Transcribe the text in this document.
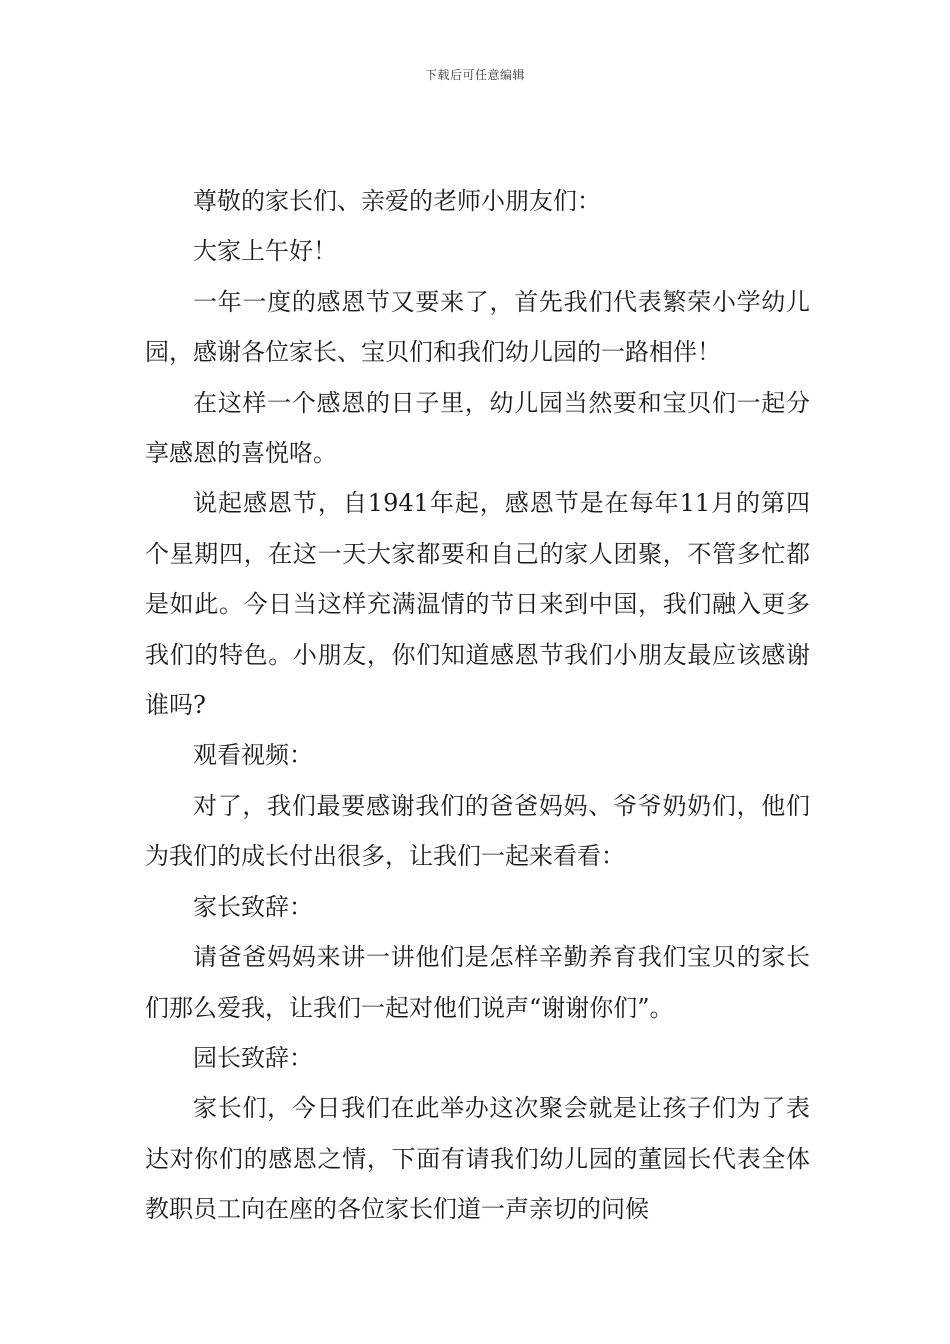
下载后可任意编辑

尊敬的家长们、亲爱的老师小朋友们：

大家上午好！

一年一度的感恩节又要来了，首先我们代表繁荣小学幼儿园，感谢各位家长、宝贝们和我们幼儿园的一路相伴！

在这样一个感恩的日子里，幼儿园当然要和宝贝们一起分享感恩的喜悦咯。

说起感恩节，自1941年起，感恩节是在每年11月的第四个星期四，在这一天大家都要和自己的家人团聚，不管多忙都是如此。今日当这样充满温情的节日来到中国，我们融入更多我们的特色。小朋友，你们知道感恩节我们小朋友最应该感谢谁吗?

观看视频：

对了，我们最要感谢我们的爸爸妈妈、爷爷奶奶们，他们为我们的成长付出很多，让我们一起来看看：

家长致辞：

请爸爸妈妈来讲一讲他们是怎样辛勤养育我们宝贝的家长们那么爱我，让我们一起对他们说声“谢谢你们”。

园长致辞：

家长们，今日我们在此举办这次聚会就是让孩子们为了表达对你们的感恩之情，下面有请我们幼儿园的董园长代表全体教职员工向在座的各位家长们道一声亲切的问候
